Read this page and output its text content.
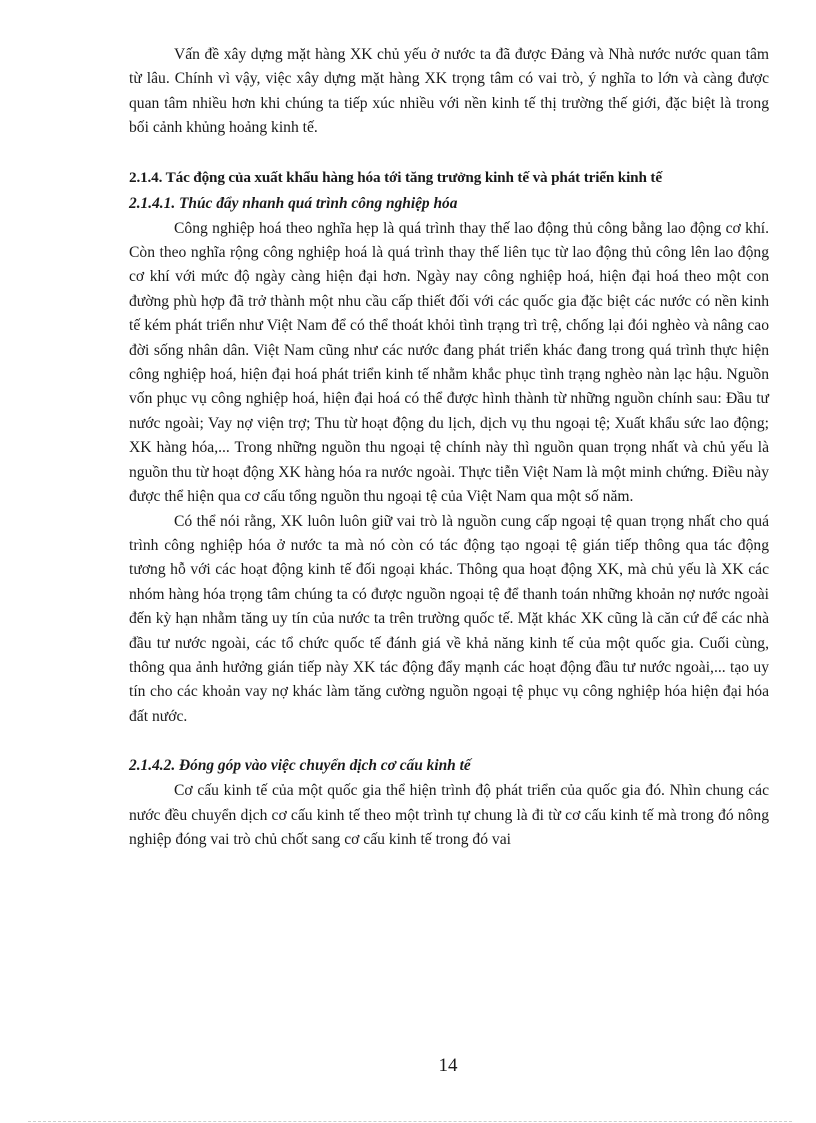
Vấn đề xây dựng mặt hàng XK chủ yếu ở nước ta đã được Đảng và Nhà nước nước quan tâm từ lâu. Chính vì vậy, việc xây dựng mặt hàng XK trọng tâm có vai trò, ý nghĩa to lớn và càng được quan tâm nhiều hơn khi chúng ta tiếp xúc nhiều với nền kinh tế thị trường thế giới, đặc biệt là trong bối cảnh khủng hoảng kinh tế.

2.1.4. Tác động của xuất khẩu hàng hóa tới tăng trưởng kinh tế và phát triển kinh tế
2.1.4.1. Thúc đẩy nhanh quá trình công nghiệp hóa

Công nghiệp hoá theo nghĩa hẹp là quá trình thay thế lao động thủ công bằng lao động cơ khí. Còn theo nghĩa rộng công nghiệp hoá là quá trình thay thế liên tục từ lao động thủ công lên lao động cơ khí với mức độ ngày càng hiện đại hơn. Ngày nay công nghiệp hoá, hiện đại hoá theo một con đường phù hợp đã trở thành một nhu cầu cấp thiết đối với các quốc gia đặc biệt các nước có nền kinh tế kém phát triển như Việt Nam để có thể thoát khỏi tình trạng trì trệ, chống lại đói nghèo và nâng cao đời sống nhân dân. Việt Nam cũng như các nước đang phát triển khác đang trong quá trình thực hiện công nghiệp hoá, hiện đại hoá phát triển kinh tế nhằm khắc phục tình trạng nghèo nàn lạc hậu. Nguồn vốn phục vụ công nghiệp hoá, hiện đại hoá có thể được hình thành từ những nguồn chính sau: Đầu tư nước ngoài; Vay nợ viện trợ; Thu từ hoạt động du lịch, dịch vụ thu ngoại tệ; Xuất khẩu sức lao động; XK hàng hóa,... Trong những nguồn thu ngoại tệ chính này thì nguồn quan trọng nhất và chủ yếu là nguồn thu từ hoạt động XK hàng hóa ra nước ngoài. Thực tiễn Việt Nam là một minh chứng. Điều này được thể hiện qua cơ cấu tổng nguồn thu ngoại tệ của Việt Nam qua một số năm.

Có thể nói rằng, XK luôn luôn giữ vai trò là nguồn cung cấp ngoại tệ quan trọng nhất cho quá trình công nghiệp hóa ở nước ta mà nó còn có tác động tạo ngoại tệ gián tiếp thông qua tác động tương hỗ với các hoạt động kinh tế đối ngoại khác. Thông qua hoạt động XK, mà chủ yếu là XK các nhóm hàng hóa trọng tâm chúng ta có được nguồn ngoại tệ để thanh toán những khoản nợ nước ngoài đến kỳ hạn nhằm tăng uy tín của nước ta trên trường quốc tế. Mặt khác XK cũng là căn cứ để các nhà đầu tư nước ngoài, các tổ chức quốc tế đánh giá về khả năng kinh tế của một quốc gia. Cuối cùng, thông qua ảnh hưởng gián tiếp này XK tác động đẩy mạnh các hoạt động đầu tư nước ngoài,... tạo uy tín cho các khoản vay nợ khác làm tăng cường nguồn ngoại tệ phục vụ công nghiệp hóa hiện đại hóa đất nước.

2.1.4.2. Đóng góp vào việc chuyển dịch cơ cấu kinh tế

Cơ cấu kinh tế của một quốc gia thể hiện trình độ phát triển của quốc gia đó. Nhìn chung các nước đều chuyển dịch cơ cấu kinh tế theo một trình tự chung là đi từ cơ cấu kinh tế mà trong đó nông nghiệp đóng vai trò chủ chốt sang cơ cấu kinh tế trong đó vai

14
